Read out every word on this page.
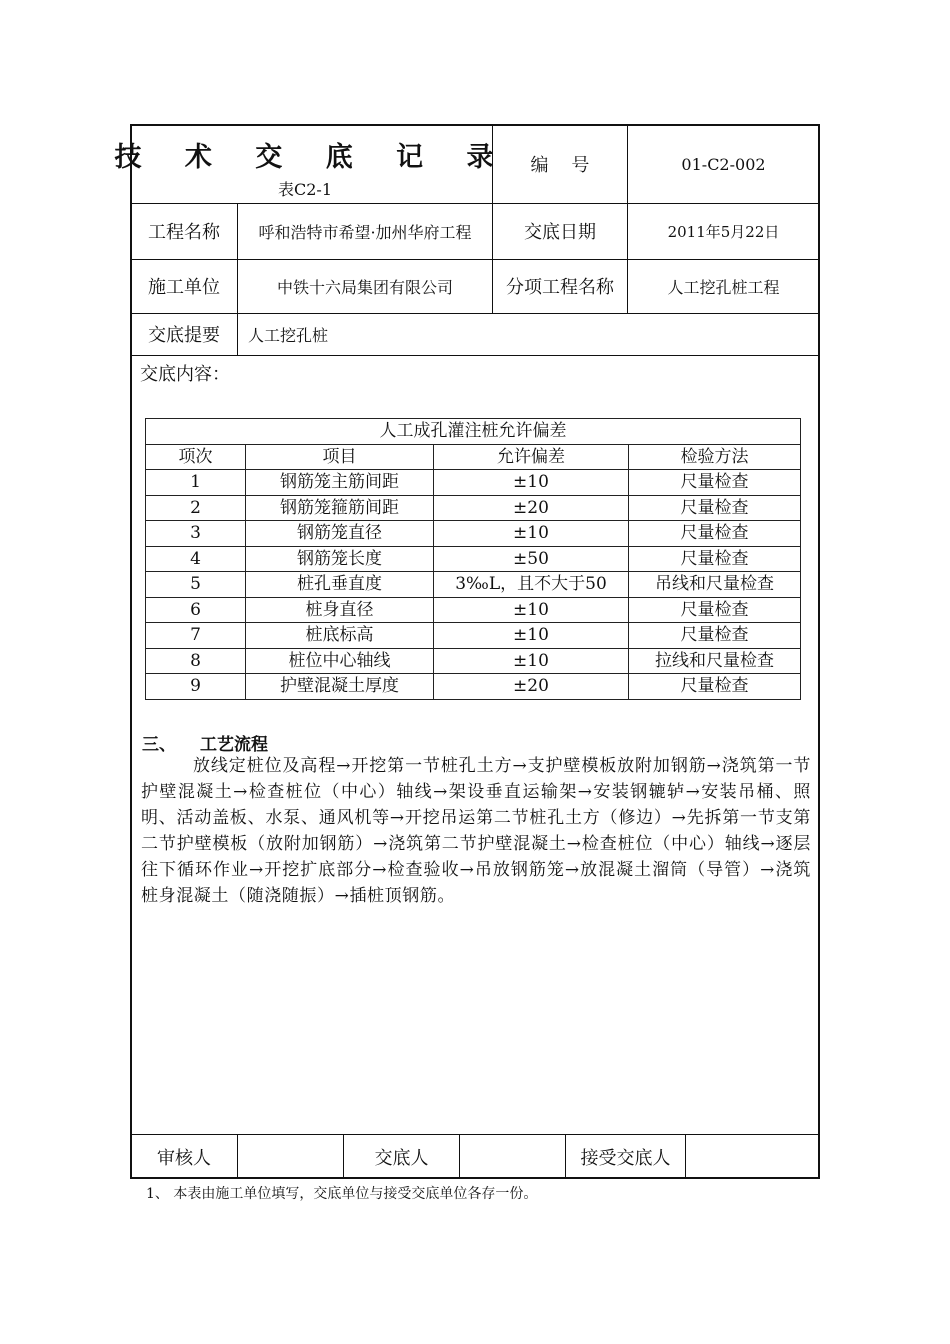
技 术 交 底 记 录
表C2-1
编    号	01-C2-002
工程名称	呼和浩特市希望·加州华府工程	交底日期	2011年5月22日
施工单位	中铁十六局集团有限公司	分项工程名称	人工挖孔桩工程
交底提要	人工挖孔桩
交底内容：
人工成孔灌注桩允许偏差			
项次	项目	允许偏差	检验方法
1	钢筋笼主筋间距	±10	尺量检查
2	钢筋笼箍筋间距	±20	尺量检查
3	钢筋笼直径	±10	尺量检查
4	钢筋笼长度	±50	尺量检查
5	桩孔垂直度	3‰L，且不大于50	吊线和尺量检查
6	桩身直径	±10	尺量检查
7	桩底标高	±10	尺量检查
8	桩位中心轴线	±10	拉线和尺量检查
9	护壁混凝土厚度	±20	尺量检查
三、 工艺流程
放线定桩位及高程→开挖第一节桩孔土方→支护壁模板放附加钢筋→浇筑第一节护壁混凝土→检查桩位（中心）轴线→架设垂直运输架→安装钢辘轳→安装吊桶、照明、活动盖板、水泵、通风机等→开挖吊运第二节桩孔土方（修边）→先拆第一节支第二节护壁模板（放附加钢筋）→浇筑第二节护壁混凝土→检查桩位（中心）轴线→逐层往下循环作业→开挖扩底部分→检查验收→吊放钢筋笼→放混凝土溜筒（导管）→浇筑桩身混凝土（随浇随振）→插桩顶钢筋。
审核人	交底人	接受交底人
1、 本表由施工单位填写，交底单位与接受交底单位各存一份。
